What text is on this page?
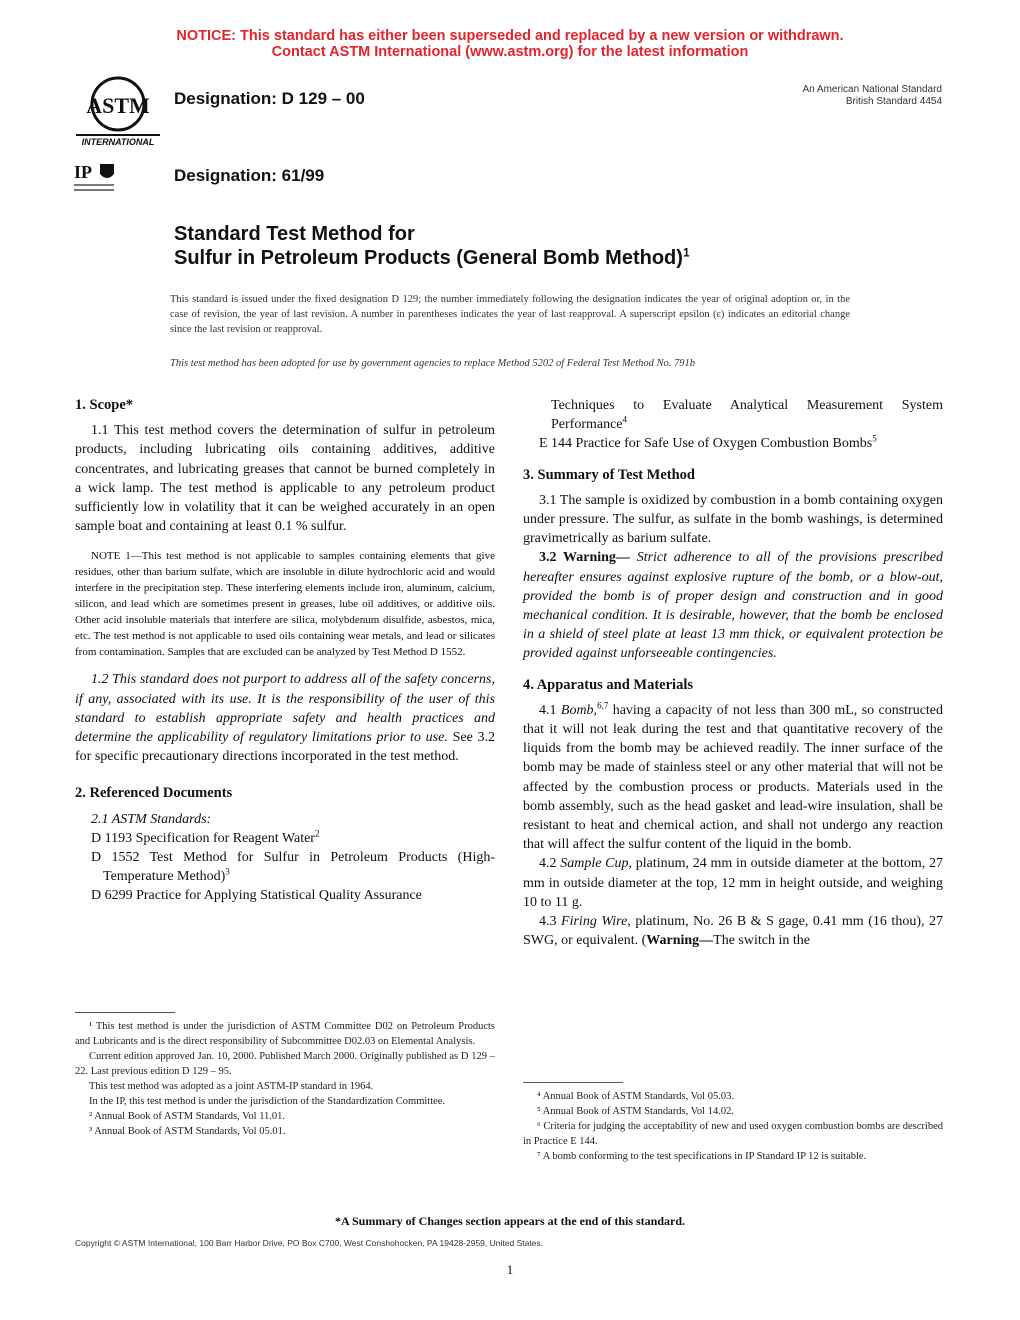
NOTICE: This standard has either been superseded and replaced by a new version or withdrawn.
Contact ASTM International (www.astm.org) for the latest information
ASTM
INTERNATIONAL
IP
Designation: D 129 – 00
Designation: 61/99
An American National Standard
British Standard 4454
Standard Test Method for
Sulfur in Petroleum Products (General Bomb Method)$^1$
This standard is issued under the fixed designation D 129; the number immediately following the designation indicates the year of original adoption or, in the case of revision, the year of last revision. A number in parentheses indicates the year of last reapproval. A superscript epsilon (ε) indicates an editorial change since the last revision or reapproval.
This test method has been adopted for use by government agencies to replace Method 5202 of Federal Test Method No. 791b
1. Scope*
1.1 This test method covers the determination of sulfur in petroleum products, including lubricating oils containing additives, additive concentrates, and lubricating greases that cannot be burned completely in a wick lamp. The test method is applicable to any petroleum product sufficiently low in volatility that it can be weighed accurately in an open sample boat and containing at least 0.1 % sulfur.
NOTE 1—This test method is not applicable to samples containing elements that give residues, other than barium sulfate, which are insoluble in dilute hydrochloric acid and would interfere in the precipitation step. These interfering elements include iron, aluminum, calcium, silicon, and lead which are sometimes present in greases, lube oil additives, or additive oils. Other acid insoluble materials that interfere are silica, molybdenum disulfide, asbestos, mica, etc. The test method is not applicable to used oils containing wear metals, and lead or silicates from contamination. Samples that are excluded can be analyzed by Test Method D 1552.
1.2 This standard does not purport to address all of the safety concerns, if any, associated with its use. It is the responsibility of the user of this standard to establish appropriate safety and health practices and determine the applicability of regulatory limitations prior to use. See 3.2 for specific precautionary directions incorporated in the test method.
2. Referenced Documents
2.1 ASTM Standards:
D 1193 Specification for Reagent Water$^2$
D 1552 Test Method for Sulfur in Petroleum Products (High-Temperature Method)$^3$
D 6299 Practice for Applying Statistical Quality Assurance
¹ This test method is under the jurisdiction of ASTM Committee D02 on Petroleum Products and Lubricants and is the direct responsibility of Subcommittee D02.03 on Elemental Analysis.
Current edition approved Jan. 10, 2000. Published March 2000. Originally published as D 129 – 22. Last previous edition D 129 – 95.
This test method was adopted as a joint ASTM-IP standard in 1964.
In the IP, this test method is under the jurisdiction of the Standardization Committee.
² Annual Book of ASTM Standards, Vol 11.01.
³ Annual Book of ASTM Standards, Vol 05.01.
Techniques to Evaluate Analytical Measurement System Performance$^4$
E 144 Practice for Safe Use of Oxygen Combustion Bombs$^5$
3. Summary of Test Method
3.1 The sample is oxidized by combustion in a bomb containing oxygen under pressure. The sulfur, as sulfate in the bomb washings, is determined gravimetrically as barium sulfate.
3.2 Warning— Strict adherence to all of the provisions prescribed hereafter ensures against explosive rupture of the bomb, or a blow-out, provided the bomb is of proper design and construction and in good mechanical condition. It is desirable, however, that the bomb be enclosed in a shield of steel plate at least 13 mm thick, or equivalent protection be provided against unforseeable contingencies.
4. Apparatus and Materials
4.1 Bomb,$^{6,7}$ having a capacity of not less than 300 mL, so constructed that it will not leak during the test and that quantitative recovery of the liquids from the bomb may be achieved readily. The inner surface of the bomb may be made of stainless steel or any other material that will not be affected by the combustion process or products. Materials used in the bomb assembly, such as the head gasket and lead-wire insulation, shall be resistant to heat and chemical action, and shall not undergo any reaction that will affect the sulfur content of the liquid in the bomb.
4.2 Sample Cup, platinum, 24 mm in outside diameter at the bottom, 27 mm in outside diameter at the top, 12 mm in height outside, and weighing 10 to 11 g.
4.3 Firing Wire, platinum, No. 26 B & S gage, 0.41 mm (16 thou), 27 SWG, or equivalent. (Warning—The switch in the
⁴ Annual Book of ASTM Standards, Vol 05.03.
⁵ Annual Book of ASTM Standards, Vol 14.02.
⁶ Criteria for judging the acceptability of new and used oxygen combustion bombs are described in Practice E 144.
⁷ A bomb conforming to the test specifications in IP Standard IP 12 is suitable.
*A Summary of Changes section appears at the end of this standard.
Copyright © ASTM International, 100 Barr Harbor Drive, PO Box C700, West Conshohocken, PA 19428-2959, United States.
1
